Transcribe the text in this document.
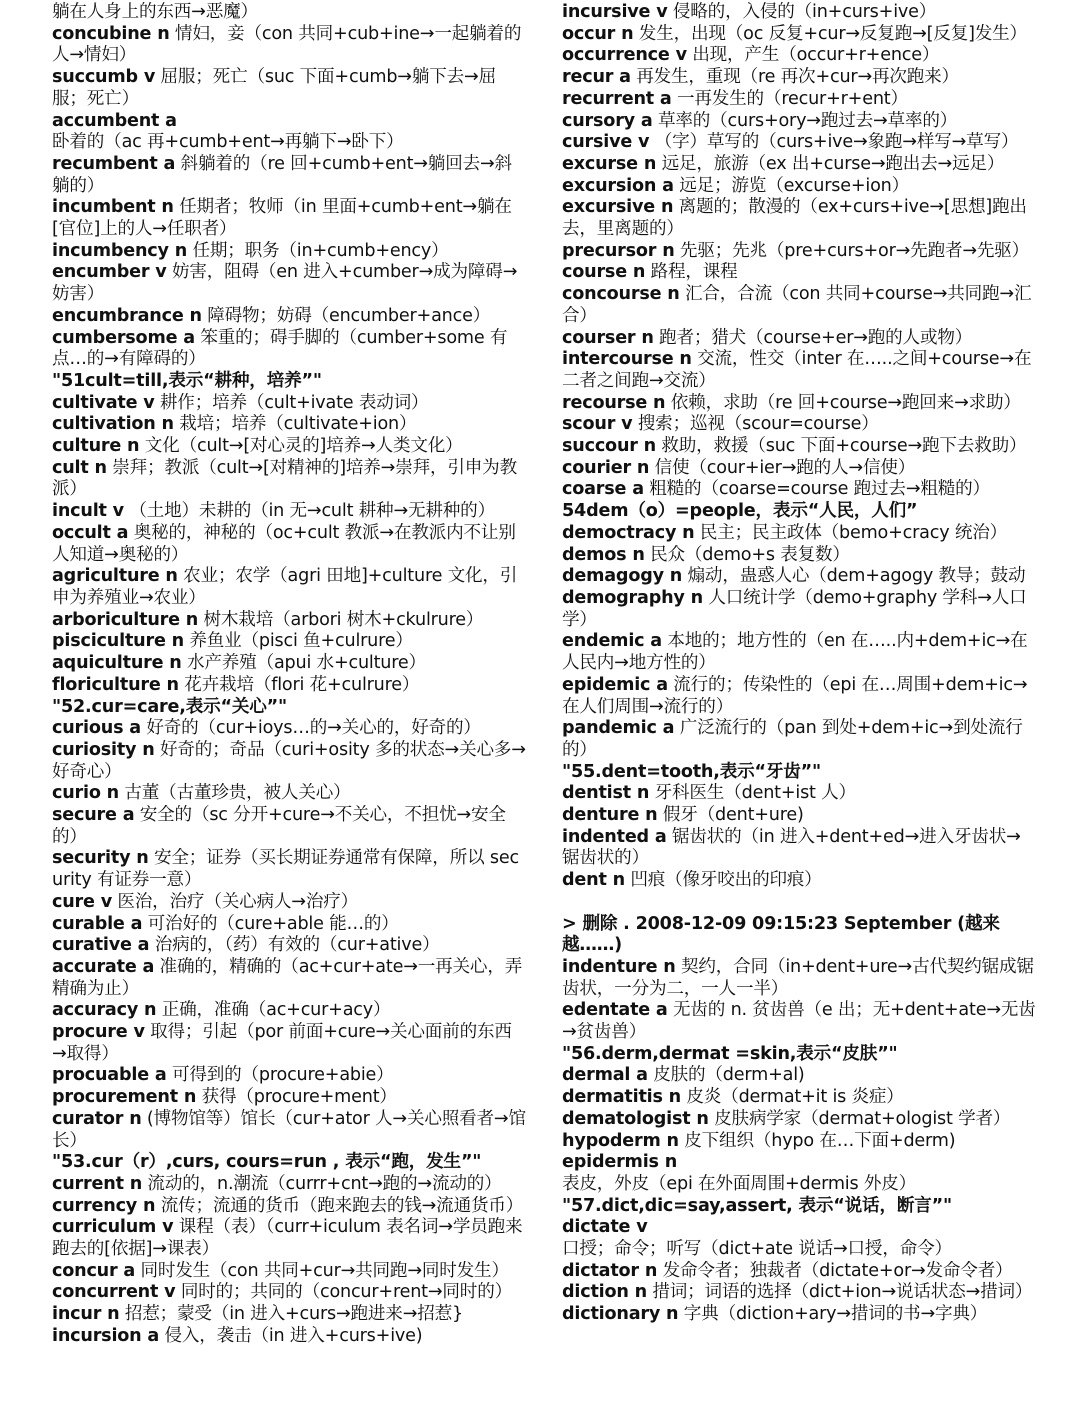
躺在人身上的东西→恶魔）
concubine n 情妇，妾（con 共同+cub+ine→一起躺着的人→情妇）
succumb v 屈服；死亡（suc 下面+cumb→躺下去→屈服；死亡）
accumbent a 卧着的（ac 再+cumb+ent→再躺下→卧下）
recumbent a 斜躺着的（re 回+cumb+ent→躺回去→斜躺的）
incumbent n 任期者；牧师（in 里面+cumb+ent→躺在[官位]上的人→任职者）
incumbency n 任期；职务（in+cumb+ency）
encumber v 妨害，阻碍（en 进入+cumber→成为障碍→妨害）
encumbrance n 障碍物；妨碍（encumber+ance）
cumbersome a 笨重的；碍手脚的（cumber+some 有点…的→有障碍的）
"51cult=till,表示“耕种，培养”"
cultivate v 耕作；培养（cult+ivate 表动词）
cultivation n 栽培；培养（cultivate+ion）
culture n 文化（cult→[对心灵的]培养→人类文化）
cult n 崇拜；教派（cult→[对精神的]培养→崇拜，引申为教派）
incult v （土地）未耕的（in 无→cult 耕种→无耕种的）
occult a 奥秘的，神秘的（oc+cult 教派→在教派内不让别人知道→奥秘的）
agriculture n 农业；农学（agri 田地]+culture 文化，引申为养殖业→农业）
arboriculture n 树木栽培（arbori 树木+ckulrure）
pisciculture n 养鱼业（pisci 鱼+culrure）
aquiculture n 水产养殖（apui 水+culture）
floriculture n 花卉栽培（flori 花+culrure）
"52.cur=care,表示“关心”"
curious a 好奇的（cur+ioys…的→关心的，好奇的）
curiosity n 好奇的；奇品（curi+osity 多的状态→关心多→好奇心）
curio n 古董（古董珍贵，被人关心）
secure a 安全的（sc 分开+cure→不关心，不担忧→安全的）
security n 安全；证券（买长期证券通常有保障，所以 security 有证券一意）
cure v 医治，治疗（关心病人→治疗）
curable a 可治好的（cure+able 能…的）
curative a 治病的，（药）有效的（cur+ative）
accurate a 准确的，精确的（ac+cur+ate→一再关心，弄精确为止）
accuracy n 正确，准确（ac+cur+acy）
procure v 取得；引起（por 前面+cure→关心面前的东西→取得）
procuable a 可得到的（procure+abie）
procurement n 获得（procure+ment）
curator n (博物馆等）馆长（cur+ator 人→关心照看者→馆长）
"53.cur（r）,curs, cours=run , 表示“跑，发生”"
current n 流动的，n.潮流（currr+cnt→跑的→流动的）
currency n 流传；流通的货币（跑来跑去的钱→流通货币）
curriculum v 课程（表）（curr+iculum 表名词→学员跑来跑去的[依据]→课表）
concur a 同时发生（con 共同+cur→共同跑→同时发生）
concurrent v 同时的；共同的（concur+rent→同时的）
incur n 招惹；蒙受（in 进入+curs→跑进来→招惹}
incursion a 侵入，袭击（in 进入+curs+ive)
incursive v 侵略的，入侵的（in+curs+ive）
occur n 发生，出现（oc 反复+cur→反复跑→[反复]发生）
occurrence v 出现，产生（occur+r+ence）
recur a 再发生，重现（re 再次+cur→再次跑来）
recurrent a 一再发生的（recur+r+ent）
cursory a 草率的（curs+ory→跑过去→草率的）
cursive v （字）草写的（curs+ive→象跑→样写→草写）
excurse n 远足，旅游（ex 出+curse→跑出去→远足）
excursion a 远足；游览（excurse+ion）
excursive n 离题的；散漫的（ex+curs+ive→[思想]跑出去，里离题的）
precursor n 先驱；先兆（pre+curs+or→先跑者→先驱）
course n 路程，课程
concourse n 汇合，合流（con 共同+course→共同跑→汇合）
courser n 跑者；猎犬（course+er→跑的人或物）
intercourse n 交流，性交（inter 在…..之间+course→在二者之间跑→交流）
recourse n 依赖，求助（re 回+course→跑回来→求助）
scour v 搜索；巡视（scour=course）
succour n 救助，救援（suc 下面+course→跑下去救助）
courier n 信使（cour+ier→跑的人→信使）
coarse a 粗糙的（coarse=course 跑过去→粗糙的）
54dem（o）=people，表示“人民，人们”
democtracy n 民主；民主政体（bemo+cracy 统治）
demos n 民众（demo+s 表复数）
demagogy n 煽动，蛊惑人心（dem+agogy 教导；鼓动
demography n 人口统计学（demo+graphy 学科→人口学）
endemic a 本地的；地方性的（en 在…..内+dem+ic→在人民内→地方性的）
epidemic a 流行的；传染性的（epi 在…周围+dem+ic→在人们周围→流行的）
pandemic a 广泛流行的（pan 到处+dem+ic→到处流行的）
"55.dent=tooth,表示“牙齿”"
dentist n 牙科医生（dent+ist 人）
denture n 假牙（dent+ure)
indented a 锯齿状的（in 进入+dent+ed→进入牙齿状→锯齿状的）
dent n 凹痕（像牙咬出的印痕）
> 删除 . 2008-12-09 09:15:23 September (越来越……)
indenture n 契约，合同（in+dent+ure→古代契约锯成锯齿状，一分为二，一人一半）
edentate a 无齿的 n. 贫齿兽（e 出；无+dent+ate→无齿→贫齿兽）
"56.derm,dermat =skin,表示“皮肤”"
dermal a 皮肤的（derm+al)
dermatitis n 皮炎（dermat+it is 炎症）
dematologist n 皮肤病学家（dermat+ologist 学者）
hypoderm n 皮下组织（hypo 在…下面+derm)
epidermis n 表皮，外皮（epi 在外面周围+dermis 外皮）
"57.dict,dic=say,assert, 表示“说话，断言”"
dictate v 口授；命令；听写（dict+ate 说话→口授，命令）
dictator n 发命令者；独裁者（dictate+or→发命令者）
diction n 措词；词语的选择（dict+ion→说话状态→措词）
dictionary n 字典（diction+ary→措词的书→字典）
